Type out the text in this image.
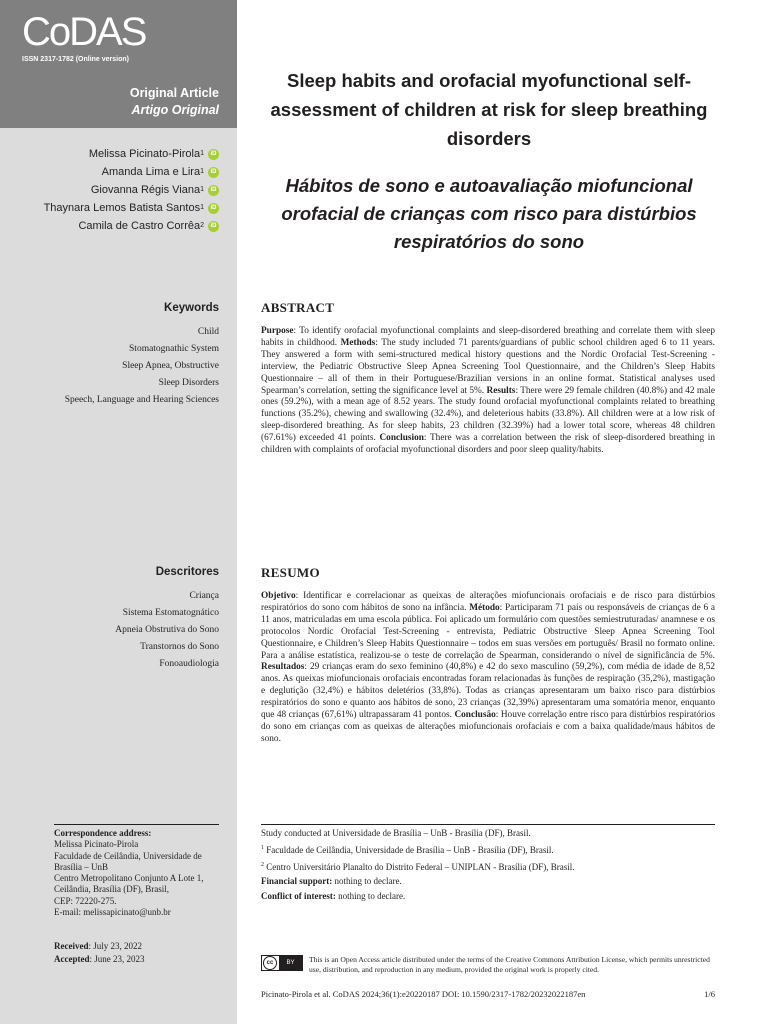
CoDAS
ISSN 2317-1782 (Online version)
Original Article
Artigo Original
Melissa Picinato-Pirola 1	iD
Amanda Lima e Lira 1	iD
Giovanna Régis Viana 1	iD
Thaynara Lemos Batista Santos 1	iD
Camila de Castro Corrêa 2	iD
Keywords
Child
Stomatognathic System
Sleep Apnea, Obstructive
Sleep Disorders
Speech, Language and Hearing Sciences
Descritores
Criança
Sistema Estomatognático
Apneia Obstrutiva do Sono
Transtornos do Sono
Fonoaudiologia
Correspondence address:
Melissa Picinato-Pirola
Faculdade de Ceilândia, Universidade de Brasília – UnB
Centro Metropolitano Conjunto A Lote 1, Ceilândia, Brasília (DF), Brasil,
CEP: 72220-275.
E-mail: melissapicinato@unb.br
Received: July 23, 2022
Accepted: June 23, 2023
Sleep habits and orofacial myofunctional self-assessment of children at risk for sleep breathing disorders
Hábitos de sono e autoavaliação miofuncional orofacial de crianças com risco para distúrbios respiratórios do sono
ABSTRACT

Purpose: To identify orofacial myofunctional complaints and sleep-disordered breathing and correlate them with sleep habits in childhood. Methods: The study included 71 parents/guardians of public school children aged 6 to 11 years. They answered a form with semi-structured medical history questions and the Nordic Orofacial Test-Screening - interview, the Pediatric Obstructive Sleep Apnea Screening Tool Questionnaire, and the Children’s Sleep Habits Questionnaire – all of them in their Portuguese/Brazilian versions in an online format. Statistical analyses used Spearman’s correlation, setting the significance level at 5%. Results: There were 29 female children (40.8%) and 42 male ones (59.2%), with a mean age of 8.52 years. The study found orofacial myofunctional complaints related to breathing functions (35.2%), chewing and swallowing (32.4%), and deleterious habits (33.8%). All children were at a low risk of sleep-disordered breathing. As for sleep habits, 23 children (32.39%) had a lower total score, whereas 48 children (67.61%) exceeded 41 points. Conclusion: There was a correlation between the risk of sleep-disordered breathing in children with complaints of orofacial myofunctional disorders and poor sleep quality/habits.

RESUMO

Objetivo: Identificar e correlacionar as queixas de alterações miofuncionais orofaciais e de risco para distúrbios respiratórios do sono com hábitos de sono na infância. Método: Participaram 71 pais ou responsáveis de crianças de 6 a 11 anos, matriculadas em uma escola pública. Foi aplicado um formulário com questões semiestruturadas/ anamnese e os protocolos Nordic Orofacial Test-Screening - entrevista, Pediatric Obstructive Sleep Apnea Screening Tool Questionnaire, e Children’s Sleep Habits Questionnaire – todos em suas versões em português/ Brasil no formato online. Para a análise estatística, realizou-se o teste de correlação de Spearman, considerando o nível de significância de 5%. Resultados: 29 crianças eram do sexo feminino (40,8%) e 42 do sexo masculino (59,2%), com média de idade de 8,52 anos. As queixas miofuncionais orofaciais encontradas foram relacionadas às funções de respiração (35,2%), mastigação e deglutição (32,4%) e hábitos deletérios (33,8%). Todas as crianças apresentaram um baixo risco para distúrbios respiratórios do sono e quanto aos hábitos de sono, 23 crianças (32,39%) apresentaram uma somatória menor, enquanto que 48 crianças (67,61%) ultrapassaram 41 pontos. Conclusão: Houve correlação entre risco para distúrbios respiratórios do sono em crianças com as queixas de alterações miofuncionais orofaciais e com a baixa qualidade/maus hábitos de sono.

Study conducted at Universidade de Brasília – UnB - Brasília (DF), Brasil.
$^1$ Faculdade de Ceilândia, Universidade de Brasília – UnB - Brasília (DF), Brasil.
$^2$ Centro Universitário Planalto do Distrito Federal – UNIPLAN - Brasília (DF), Brasil.
Financial support: nothing to declare.
Conflict of interest: nothing to declare.
cc	BY	This is an Open Access article distributed under the terms of the Creative Commons Attribution License, which permits unrestricted use, distribution, and reproduction in any medium, provided the original work is properly cited.
Picinato-Pirola et al. CoDAS 2024;36(1):e20220187 DOI: 10.1590/2317-1782/20232022187en	1/6
